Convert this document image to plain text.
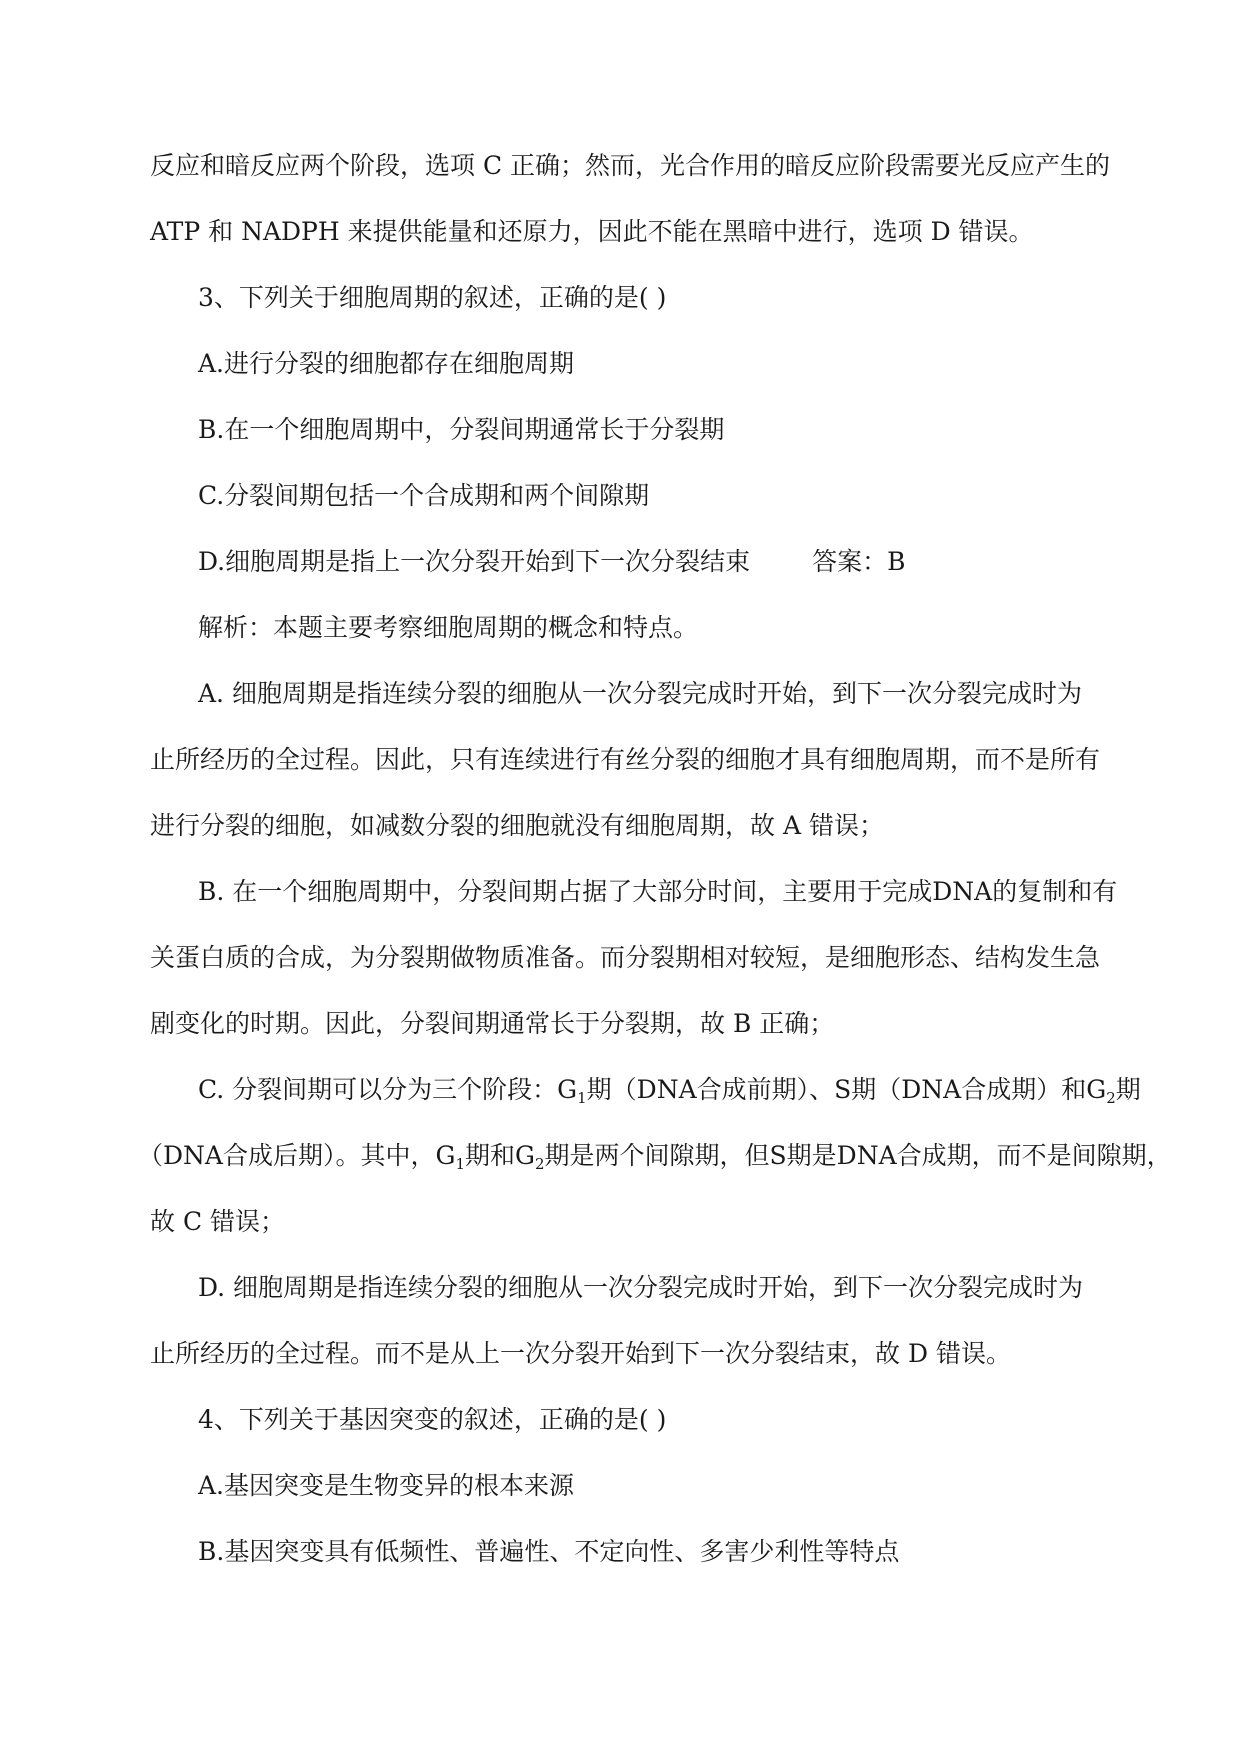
反应和暗反应两个阶段，选项 C 正确；然而，光合作用的暗反应阶段需要光反应产生的
ATP 和 NADPH 来提供能量和还原力，因此不能在黑暗中进行，选项 D 错误。
3、下列关于细胞周期的叙述，正确的是( )
A.进行分裂的细胞都存在细胞周期
B.在一个细胞周期中，分裂间期通常长于分裂期
C.分裂间期包括一个合成期和两个间隙期
D.细胞周期是指上一次分裂开始到下一次分裂结束 答案：B
解析：本题主要考察细胞周期的概念和特点。
A. 细胞周期是指连续分裂的细胞从一次分裂完成时开始，到下一次分裂完成时为
止所经历的全过程。因此，只有连续进行有丝分裂的细胞才具有细胞周期，而不是所有
进行分裂的细胞，如减数分裂的细胞就没有细胞周期，故 A 错误；
B. 在一个细胞周期中，分裂间期占据了大部分时间，主要用于完成DNA的复制和有
关蛋白质的合成，为分裂期做物质准备。而分裂期相对较短，是细胞形态、结构发生急
剧变化的时期。因此，分裂间期通常长于分裂期，故 B 正确；
C. 分裂间期可以分为三个阶段：$G_1$期（DNA合成前期）、S期（DNA合成期）和$G_2$期
（DNA合成后期）。其中，$G_1$期和$G_2$期是两个间隙期，但S期是DNA合成期，而不是间隙期，
故 C 错误；
D. 细胞周期是指连续分裂的细胞从一次分裂完成时开始，到下一次分裂完成时为
止所经历的全过程。而不是从上一次分裂开始到下一次分裂结束，故 D 错误。
4、下列关于基因突变的叙述，正确的是( )
A.基因突变是生物变异的根本来源
B.基因突变具有低频性、普遍性、不定向性、多害少利性等特点
